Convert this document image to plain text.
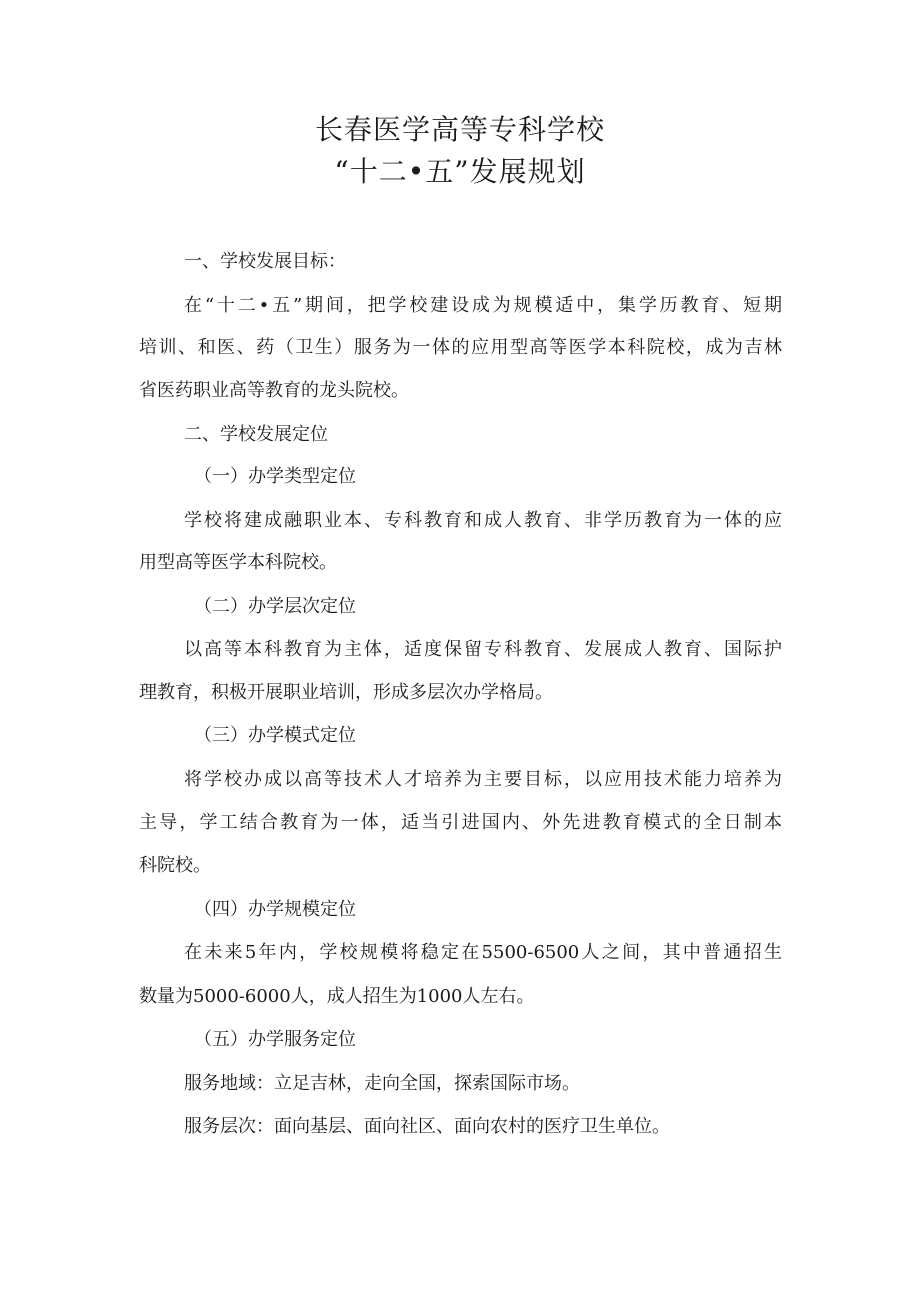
长春医学高等专科学校
“十二•五”发展规划

一、学校发展目标：

在“十二•五”期间，把学校建设成为规模适中，集学历教育、短期

培训、和医、药（卫生）服务为一体的应用型高等医学本科院校，成为吉林

省医药职业高等教育的龙头院校。

二、学校发展定位

（一）办学类型定位

学校将建成融职业本、专科教育和成人教育、非学历教育为一体的应

用型高等医学本科院校。

（二）办学层次定位

以高等本科教育为主体，适度保留专科教育、发展成人教育、国际护

理教育，积极开展职业培训，形成多层次办学格局。

（三）办学模式定位

将学校办成以高等技术人才培养为主要目标，以应用技术能力培养为

主导，学工结合教育为一体，适当引进国内、外先进教育模式的全日制本

科院校。

（四）办学规模定位

在未来5年内，学校规模将稳定在5500-6500人之间，其中普通招生

数量为5000-6000人，成人招生为1000人左右。

（五）办学服务定位

服务地域：立足吉林，走向全国，探索国际市场。

服务层次：面向基层、面向社区、面向农村的医疗卫生单位。
